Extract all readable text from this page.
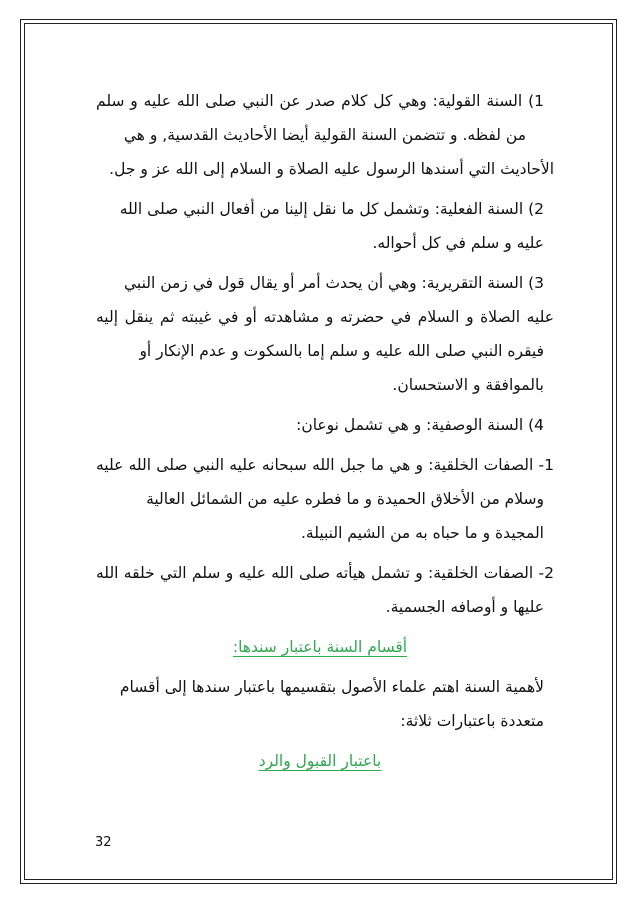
1) السنة القولية: وهي كل كلام صدر عن النبي صلى الله عليه و سلم
من لفظه. و تتضمن السنة القولية أيضا الأحاديث القدسية, و هي
الأحاديث التي أسندها الرسول عليه الصلاة و السلام إلى الله عز و جل.
2) السنة الفعلية: وتشمل كل ما نقل إلينا من أفعال النبي صلى الله
عليه و سلم في كل أحواله.
3) السنة التقريرية: وهي أن يحدث أمر أو يقال قول في زمن النبي
عليه الصلاة و السلام في حضرته و مشاهدته أو في غيبته ثم ينقل إليه
فيقره النبي صلى الله عليه و سلم إما بالسكوت و عدم الإنكار أو
بالموافقة و الاستحسان.
4) السنة الوصفية: و هي تشمل نوعان:
1- الصفات الخلقية: و هي ما جبل الله سبحانه عليه النبي صلى الله عليه
وسلام من الأخلاق الحميدة و ما فطره عليه من الشمائل العالية
المجيدة و ما حباه به من الشيم النبيلة.
2- الصفات الخلقية: و تشمل هيأته صلى الله عليه و سلم التي خلقه الله
عليها و أوصافه الجسمية.
أقسام السنة باعتبار سندها:
لأهمية السنة اهتم علماء الأصول بتقسيمها باعتبار سندها إلى أقسام
متعددة باعتبارات ثلاثة:
باعتبار القبول والرد
32
